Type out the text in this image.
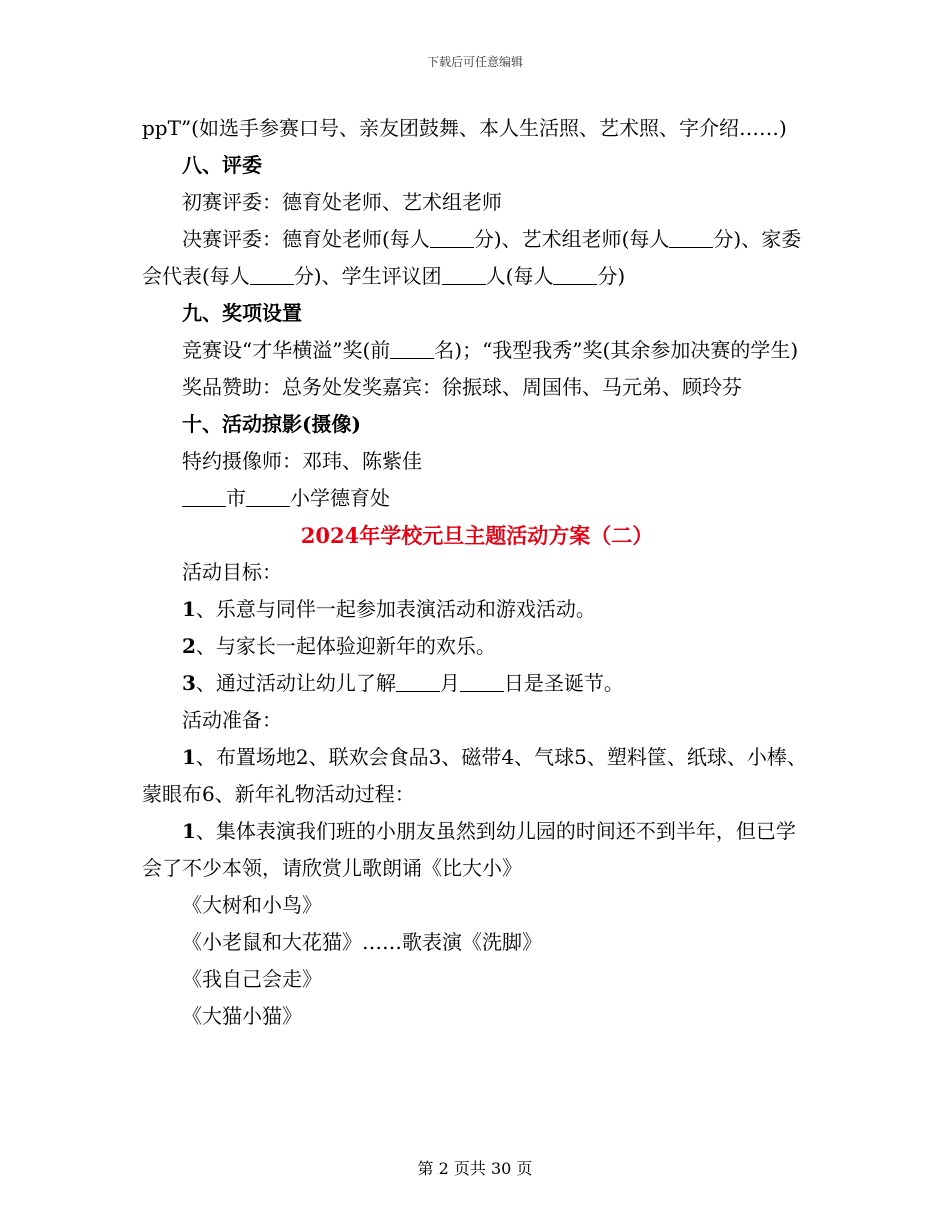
下载后可任意编辑

ppT”(如选手参赛口号、亲友团鼓舞、本人生活照、艺术照、字介绍……)

八、评委

初赛评委：德育处老师、艺术组老师

决赛评委：德育处老师(每人 分)、艺术组老师(每人 分)、家委会代表(每人 分)、学生评议团 人(每人 分)

九、奖项设置

竞赛设“才华横溢”奖(前 名)；“我型我秀”奖(其余参加决赛的学生)

奖品赞助：总务处发奖嘉宾：徐振球、周国伟、马元弟、顾玲芬

十、活动掠影(摄像)

特约摄像师：邓玮、陈紫佳

市 小学德育处

2024年学校元旦主题活动方案（二）

活动目标：

1、乐意与同伴一起参加表演活动和游戏活动。

2、与家长一起体验迎新年的欢乐。

3、通过活动让幼儿了解 月 日是圣诞节。

活动准备：

1、布置场地2、联欢会食品3、磁带4、气球5、塑料筐、纸球、小棒、蒙眼布6、新年礼物活动过程：

1、集体表演我们班的小朋友虽然到幼儿园的时间还不到半年，但已学会了不少本领，请欣赏儿歌朗诵《比大小》

《大树和小鸟》

《小老鼠和大花猫》……歌表演《洗脚》

《我自己会走》

《大猫小猫》

第 2 页共 30 页
